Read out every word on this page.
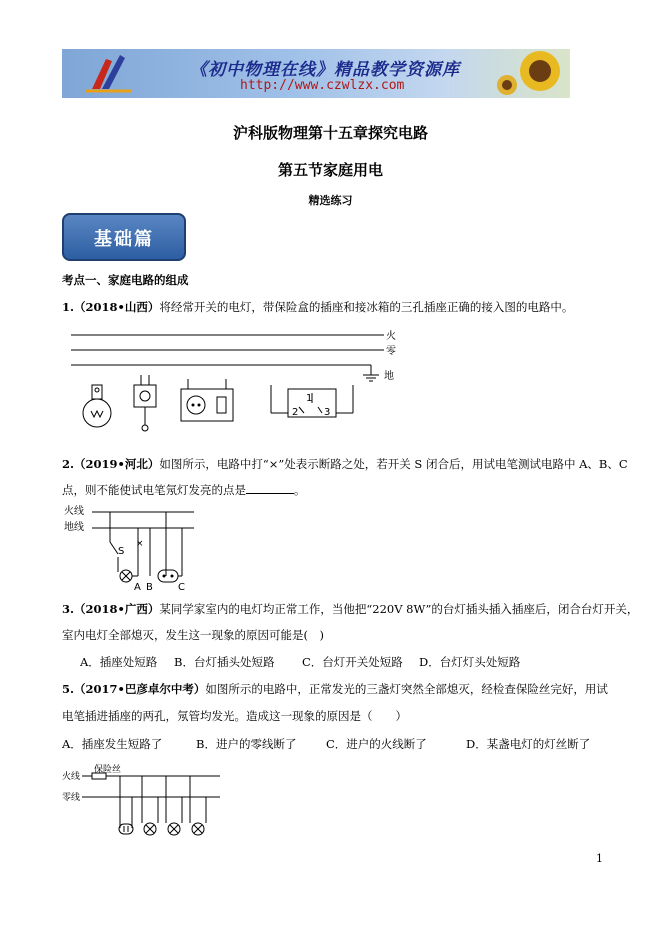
《初中物理在线》精品教学资源库
http://www.czwlzx.com
沪科版物理第十五章探究电路
第五节家庭用电
精选练习
基础篇
考点一、家庭电路的组成
1.（2018•山西）将经常开关的电灯，带保险盒的插座和接冰箱的三孔插座正确的接入图的电路中。
火
零
地
1
2	3
2.（2019•河北）如图所示，电路中打“×”处表示断路之处，若开关 S 闭合后，用试电笔测试电路中 A、B、C
点，则不能使试电笔氖灯发亮的点是	。
火线
地线
S
×
A B	C
3.（2018•广西）某同学家室内的电灯均正常工作，当他把“220V 8W”的台灯插头插入插座后，闭合台灯开关，
室内电灯全部熄灭，发生这一现象的原因可能是(　)
A．插座处短路 B．台灯插头处短路 C．台灯开关处短路 D．台灯灯头处短路
5.（2017•巴彦卓尔中考）如图所示的电路中，正常发光的三盏灯突然全部熄灭，经检查保险丝完好，用试
电笔插进插座的两孔，氖管均发光。造成这一现象的原因是（　　）
A．插座发生短路了	B．进户的零线断了	C．进户的火线断了	D．某盏电灯的灯丝断了
火线
零线
保险丝
1
